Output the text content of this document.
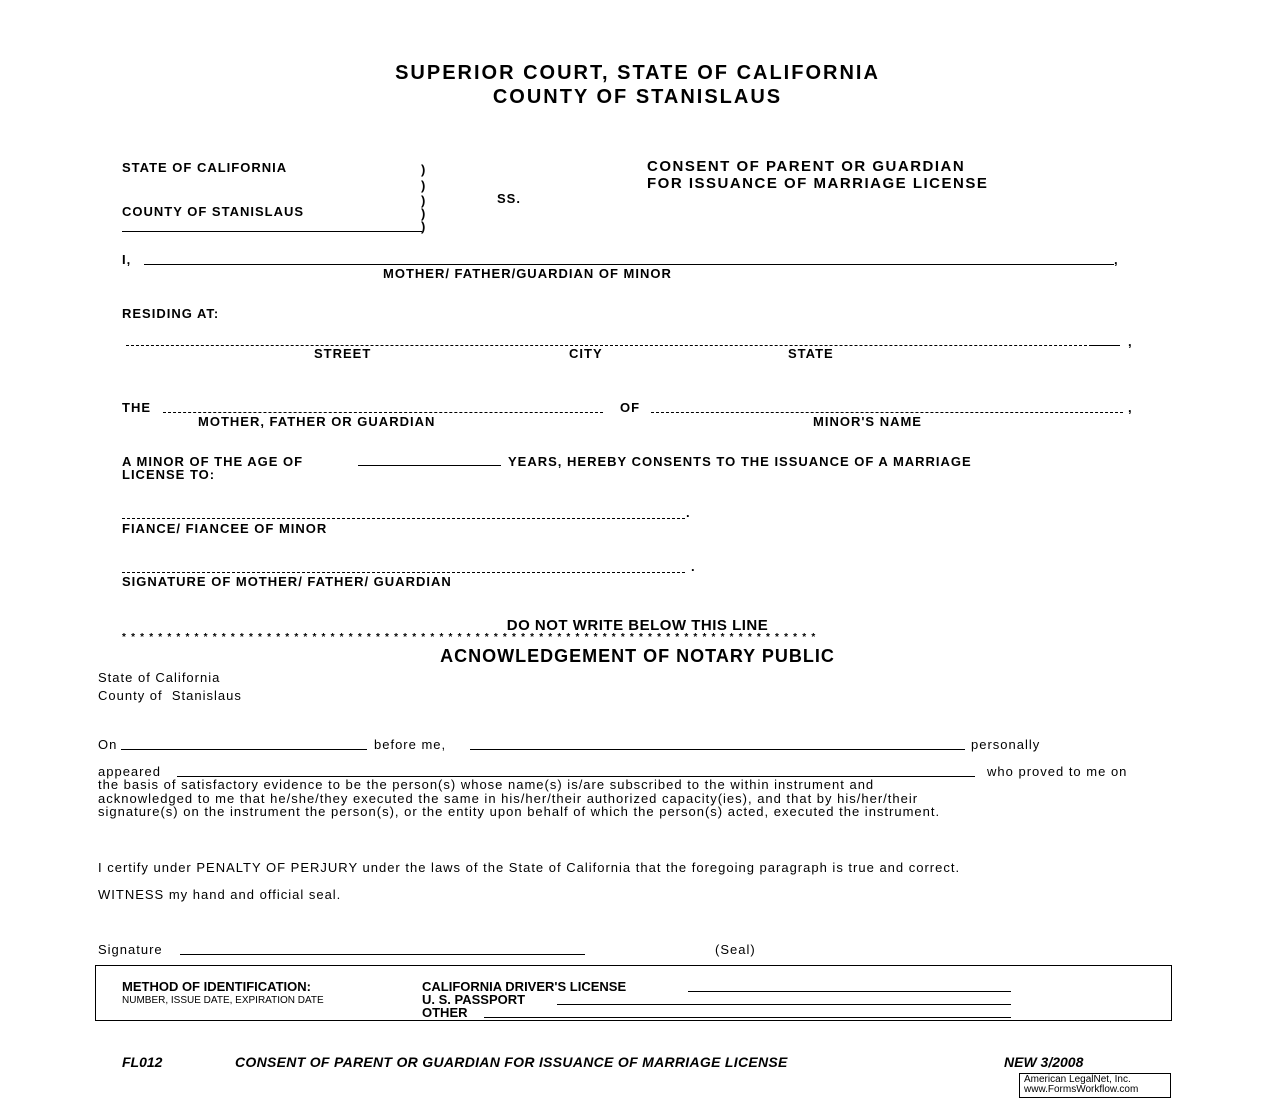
SUPERIOR COURT, STATE OF CALIFORNIA
COUNTY OF STANISLAUS
STATE OF CALIFORNIA
COUNTY OF STANISLAUS
)
)
)
)
)
SS.
CONSENT OF PARENT OR GUARDIAN
FOR ISSUANCE OF MARRIAGE LICENSE
I,	,
MOTHER/ FATHER/GUARDIAN OF MINOR
RESIDING AT:
,
STREET	CITY	STATE
THE	OF	,
MOTHER, FATHER OR GUARDIAN	MINOR'S NAME
A MINOR OF THE AGE OF	YEARS, HEREBY CONSENTS TO THE ISSUANCE OF A MARRIAGE
LICENSE TO:
.
FIANCE/ FIANCEE OF MINOR
.
SIGNATURE OF MOTHER/ FATHER/ GUARDIAN
DO NOT WRITE BELOW THIS LINE
* * * * * * * * * * * * * * * * * * * * * * * * * * * * * * * * * * * * * * * * * * * * * * * * * * * * * * * * * * * * * * * * * * * * * * * * * * * * *
ACNOWLEDGEMENT OF NOTARY PUBLIC
State of California
County of  Stanislaus
On	before me,	personally
appeared	who proved to me on
the basis of satisfactory evidence to be the person(s) whose name(s) is/are subscribed to the within instrument and
acknowledged to me that he/she/they executed the same in his/her/their authorized capacity(ies), and that by his/her/their
signature(s) on the instrument the person(s), or the entity upon behalf of which the person(s) acted, executed the instrument.
I certify under PENALTY OF PERJURY under the laws of the State of California that the foregoing paragraph is true and correct.
WITNESS my hand and official seal.
Signature	(Seal)
METHOD OF IDENTIFICATION:
NUMBER, ISSUE DATE, EXPIRATION DATE
CALIFORNIA DRIVER'S LICENSE
U. S. PASSPORT
OTHER
FL012	CONSENT OF PARENT OR GUARDIAN FOR ISSUANCE OF MARRIAGE LICENSE	NEW 3/2008
American LegalNet, Inc.
www.FormsWorkflow.com
